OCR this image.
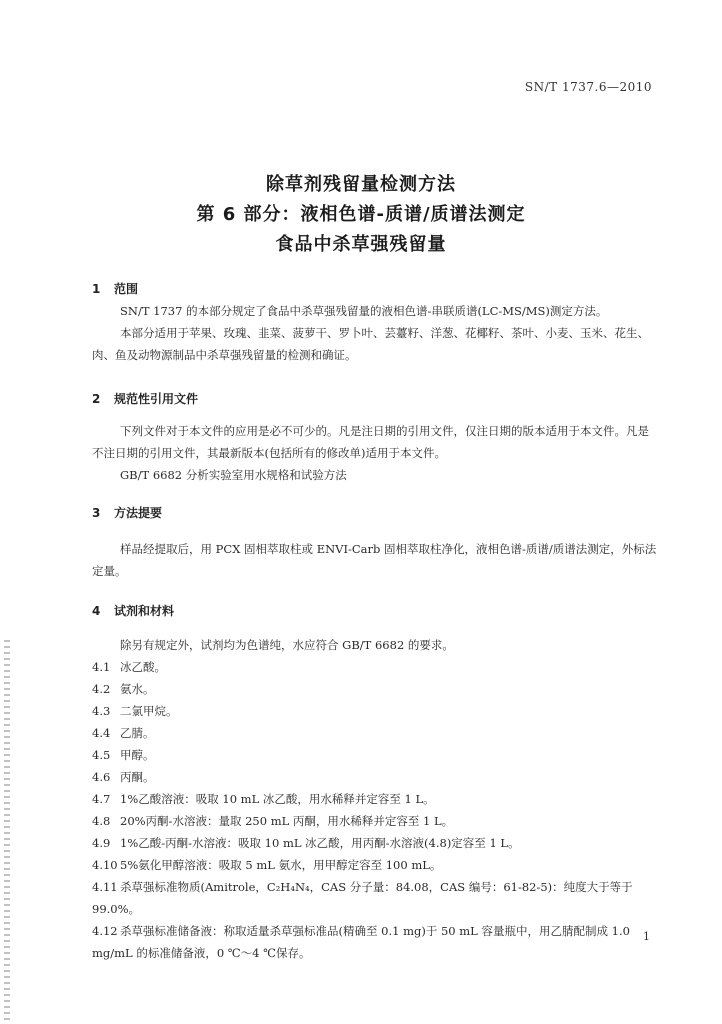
SN/T 1737.6—2010
除草剂残留量检测方法
第 6 部分：液相色谱-质谱/质谱法测定
食品中杀草强残留量
1 范围
SN/T 1737 的本部分规定了食品中杀草强残留量的液相色谱-串联质谱(LC-MS/MS)测定方法。
本部分适用于苹果、玫瑰、韭菜、菠萝干、罗卜叶、芸薹籽、洋葱、花椰籽、茶叶、小麦、玉米、花生、肉、鱼及动物源制品中杀草强残留量的检测和确证。
2 规范性引用文件
下列文件对于本文件的应用是必不可少的。凡是注日期的引用文件，仅注日期的版本适用于本文件。凡是不注日期的引用文件，其最新版本(包括所有的修改单)适用于本文件。
GB/T 6682 分析实验室用水规格和试验方法
3 方法提要
样品经提取后，用 PCX 固相萃取柱或 ENVI-Carb 固相萃取柱净化，液相色谱-质谱/质谱法测定，外标法定量。
4 试剂和材料
除另有规定外，试剂均为色谱纯，水应符合 GB/T 6682 的要求。
4.1 冰乙酸。
4.2 氨水。
4.3 二氯甲烷。
4.4 乙腈。
4.5 甲醇。
4.6 丙酮。
4.7 1%乙酸溶液：吸取 10 mL 冰乙酸，用水稀释并定容至 1 L。
4.8 20%丙酮-水溶液：量取 250 mL 丙酮，用水稀释并定容至 1 L。
4.9 1%乙酸-丙酮-水溶液：吸取 10 mL 冰乙酸，用丙酮-水溶液(4.8)定容至 1 L。
4.10 5%氨化甲醇溶液：吸取 5 mL 氨水，用甲醇定容至 100 mL。
4.11 杀草强标准物质(Amitrole，C₂H₄N₄，CAS 分子量：84.08，CAS 编号：61-82-5)：纯度大于等于 99.0%。
4.12 杀草强标准储备液：称取适量杀草强标准品(精确至 0.1 mg)于 50 mL 容量瓶中，用乙腈配制成 1.0 mg/mL 的标准储备液，0 ℃～4 ℃保存。
1
